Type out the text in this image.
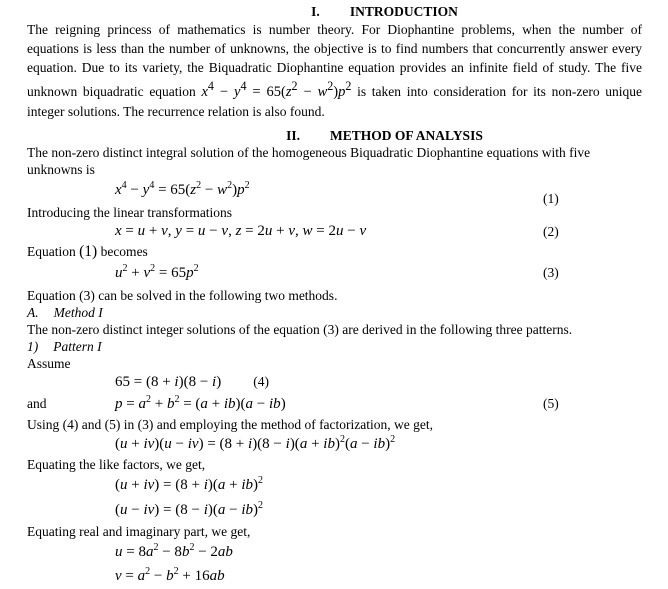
I. INTRODUCTION

The reigning princess of mathematics is number theory. For Diophantine problems, when the number of equations is less than the number of unknowns, the objective is to find numbers that concurrently answer every equation. Due to its variety, the Biquadratic Diophantine equation provides an infinite field of study. The five unknown biquadratic equation $x^4 - y^4 = 65(z^2 - w^2)p^2$ is taken into consideration for its non-zero unique integer solutions. The recurrence relation is also found.

II. METHOD OF ANALYSIS

The non-zero distinct integral solution of the homogeneous Biquadratic Diophantine equations with five unknowns is

$x^4 - y^4 = 65(z^2 - w^2)p^2$
(1)

Introducing the linear transformations

x = u + v, y = u − v, z = 2u + v, w = 2u − v	(2)

Equation (1) becomes

$u^2 + v^2 = 65p^2$	(3)

Equation (3) can be solved in the following two methods.

A. Method I

The non-zero distinct integer solutions of the equation (3) are derived in the following three patterns.

1) Pattern I

Assume

65 = (8 + i)(8 − i) (4)
and	$p = a^2 + b^2 = (a + ib)(a - ib)$	(5)

Using (4) and (5) in (3) and employing the method of factorization, we get,

(u + iv)(u − iv) = (8 + i)(8 − i)(a + ib)$^2$(a − ib)$^2$

Equating the like factors, we get,

(u + iv) = (8 + i)(a + ib)$^2$
(u − iv) = (8 − i)(a − ib)$^2$

Equating real and imaginary part, we get,

$u = 8a^2 - 8b^2 - 2ab$
$v = a^2 - b^2 + 16ab$
